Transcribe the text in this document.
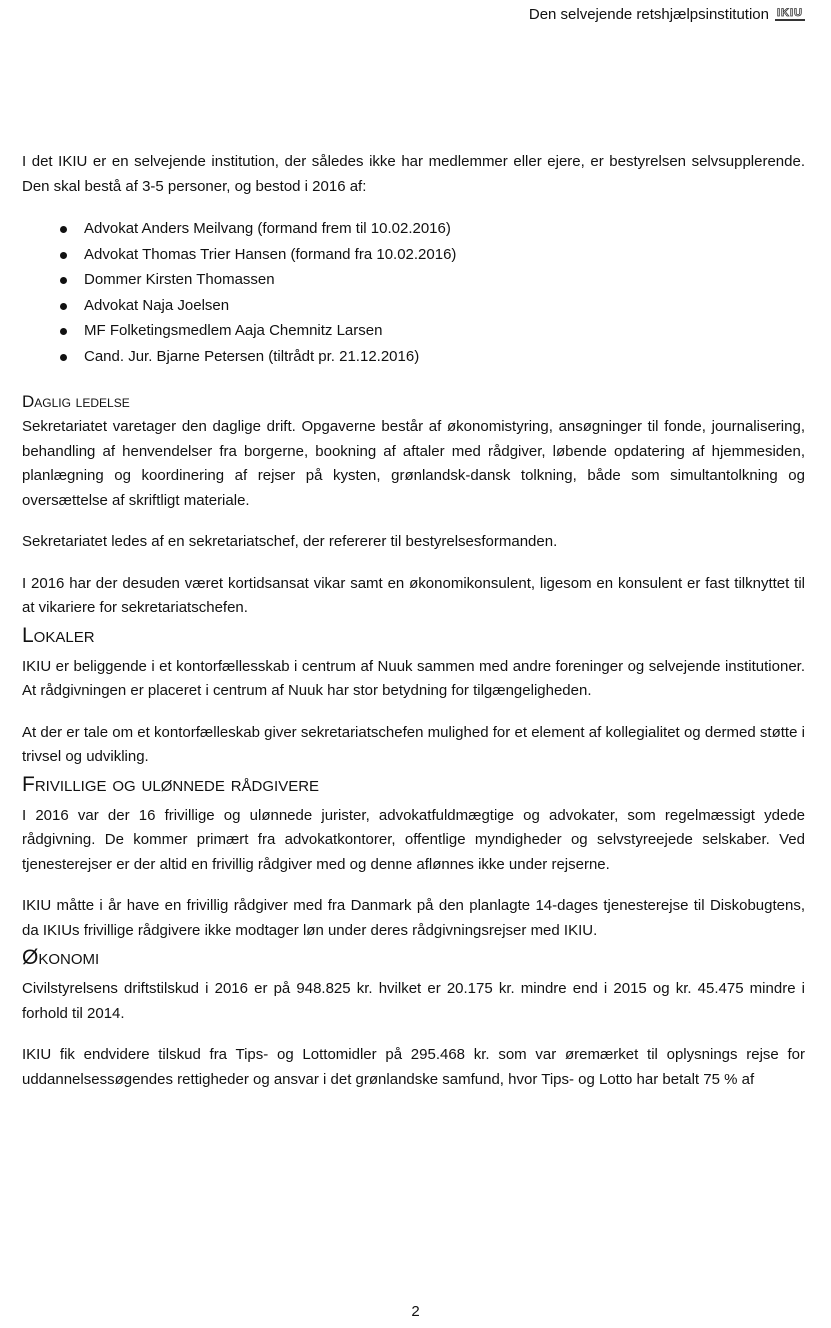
Den selvejende retshjælpsinstitution IKIU

I det IKIU er en selvejende institution, der således ikke har medlemmer eller ejere, er bestyrelsen selvsupplerende. Den skal bestå af 3-5 personer, og bestod i 2016 af:

Advokat Anders Meilvang (formand frem til 10.02.2016)
Advokat Thomas Trier Hansen (formand fra 10.02.2016)
Dommer Kirsten Thomassen
Advokat Naja Joelsen
MF Folketingsmedlem Aaja Chemnitz Larsen
Cand. Jur. Bjarne Petersen (tiltrådt pr. 21.12.2016)
Daglig ledelse

Sekretariatet varetager den daglige drift. Opgaverne består af økonomistyring, ansøgninger til fonde, journalisering, behandling af henvendelser fra borgerne, bookning af aftaler med rådgiver, løbende opdatering af hjemmesiden, planlægning og koordinering af rejser på kysten, grønlandsk-dansk tolkning, både som simultantolkning og oversættelse af skriftligt materiale.

Sekretariatet ledes af en sekretariatschef, der refererer til bestyrelsesformanden.

I 2016 har der desuden været kortidsansat vikar samt en økonomikonsulent, ligesom en konsulent er fast tilknyttet til at vikariere for sekretariatschefen.

Lokaler

IKIU er beliggende i et kontorfællesskab i centrum af Nuuk sammen med andre foreninger og selvejende institutioner. At rådgivningen er placeret i centrum af Nuuk har stor betydning for tilgængeligheden.

At der er tale om et kontorfælleskab giver sekretariatschefen mulighed for et element af kollegialitet og dermed støtte i trivsel og udvikling.

Frivillige og ulønnede rådgivere

I 2016 var der 16 frivillige og ulønnede jurister, advokatfuldmægtige og advokater, som regelmæssigt ydede rådgivning. De kommer primært fra advokatkontorer, offentlige myndigheder og selvstyreejede selskaber. Ved tjenesterejser er der altid en frivillig rådgiver med og denne aflønnes ikke under rejserne.

IKIU måtte i år have en frivillig rådgiver med fra Danmark på den planlagte 14-dages tjenesterejse til Diskobugtens, da IKIUs frivillige rådgivere ikke modtager løn under deres rådgivningsrejser med IKIU.

Økonomi

Civilstyrelsens driftstilskud i 2016 er på 948.825 kr. hvilket er 20.175 kr. mindre end i 2015 og kr. 45.475 mindre i forhold til 2014.

IKIU fik endvidere tilskud fra Tips- og Lottomidler på 295.468 kr. som var øremærket til oplysnings rejse for uddannelsessøgendes rettigheder og ansvar i det grønlandske samfund, hvor Tips- og Lotto har betalt 75 % af

2
